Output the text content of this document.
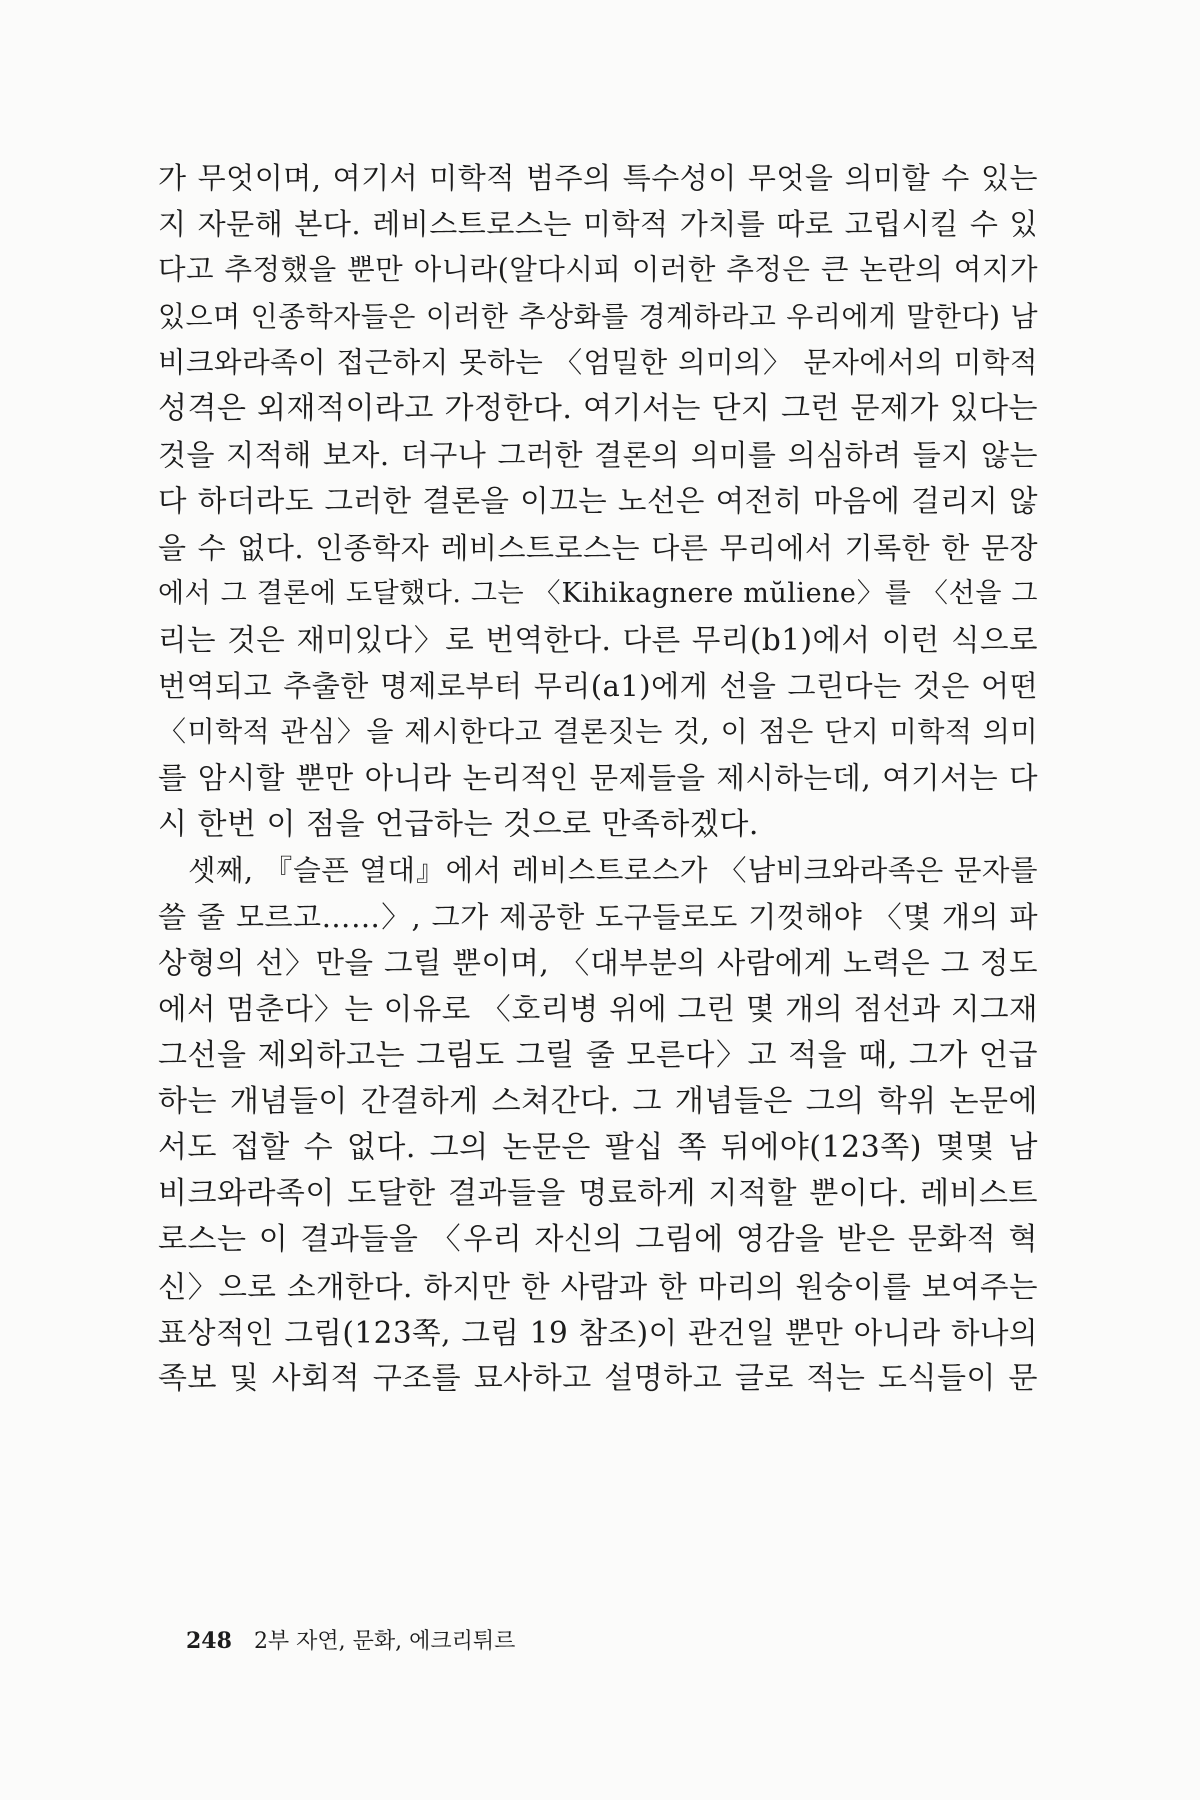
가 무엇이며, 여기서 미학적 범주의 특수성이 무엇을 의미할 수 있는
지 자문해 본다. 레비스트로스는 미학적 가치를 따로 고립시킬 수 있
다고 추정했을 뿐만 아니라(알다시피 이러한 추정은 큰 논란의 여지가
있으며 인종학자들은 이러한 추상화를 경계하라고 우리에게 말한다) 남
비크와라족이 접근하지 못하는 〈엄밀한 의미의〉 문자에서의 미학적
성격은 외재적이라고 가정한다. 여기서는 단지 그런 문제가 있다는
것을 지적해 보자. 더구나 그러한 결론의 의미를 의심하려 들지 않는
다 하더라도 그러한 결론을 이끄는 노선은 여전히 마음에 걸리지 않
을 수 없다. 인종학자 레비스트로스는 다른 무리에서 기록한 한 문장
에서 그 결론에 도달했다. 그는 〈Kihikagnere mŭliene〉를 〈선을 그
리는 것은 재미있다〉로 번역한다. 다른 무리(b1)에서 이런 식으로
번역되고 추출한 명제로부터 무리(a1)에게 선을 그린다는 것은 어떤
〈미학적 관심〉을 제시한다고 결론짓는 것, 이 점은 단지 미학적 의미
를 암시할 뿐만 아니라 논리적인 문제들을 제시하는데, 여기서는 다
시 한번 이 점을 언급하는 것으로 만족하겠다.
셋째, 『슬픈 열대』에서 레비스트로스가 〈남비크와라족은 문자를
쓸 줄 모르고……〉, 그가 제공한 도구들로도 기껏해야 〈몇 개의 파
상형의 선〉만을 그릴 뿐이며, 〈대부분의 사람에게 노력은 그 정도
에서 멈춘다〉는 이유로 〈호리병 위에 그린 몇 개의 점선과 지그재
그선을 제외하고는 그림도 그릴 줄 모른다〉고 적을 때, 그가 언급
하는 개념들이 간결하게 스쳐간다. 그 개념들은 그의 학위 논문에
서도 접할 수 없다. 그의 논문은 팔십 쪽 뒤에야(123쪽) 몇몇 남
비크와라족이 도달한 결과들을 명료하게 지적할 뿐이다. 레비스트
로스는 이 결과들을 〈우리 자신의 그림에 영감을 받은 문화적 혁
신〉으로 소개한다. 하지만 한 사람과 한 마리의 원숭이를 보여주는
표상적인 그림(123쪽, 그림 19 참조)이 관건일 뿐만 아니라 하나의
족보 및 사회적 구조를 묘사하고 설명하고 글로 적는 도식들이 문
248 2부 자연, 문화, 에크리튀르
